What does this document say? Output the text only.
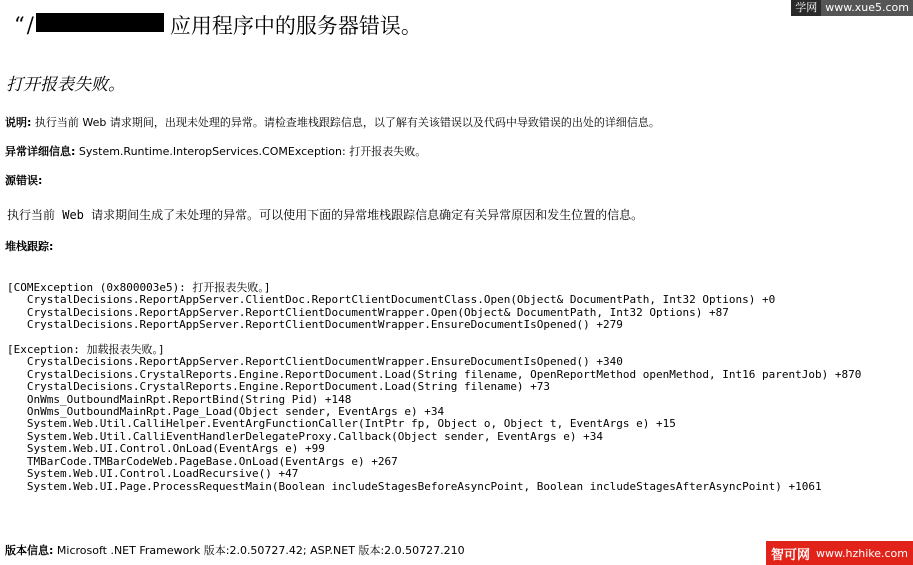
“ /	应用程序中的服务器错误。
打开报表失败。
说明: 执行当前 Web 请求期间，出现未处理的异常。请检查堆栈跟踪信息，以了解有关该错误以及代码中导致错误的出处的详细信息。
异常详细信息: System.Runtime.InteropServices.COMException: 打开报表失败。
源错误:
执行当前 Web 请求期间生成了未处理的异常。可以使用下面的异常堆栈跟踪信息确定有关异常原因和发生位置的信息。
堆栈跟踪:
[COMException (0x800003e5): 打开报表失败。]
CrystalDecisions.ReportAppServer.ClientDoc.ReportClientDocumentClass.Open(Object& DocumentPath, Int32 Options) +0
CrystalDecisions.ReportAppServer.ReportClientDocumentWrapper.Open(Object& DocumentPath, Int32 Options) +87
CrystalDecisions.ReportAppServer.ReportClientDocumentWrapper.EnsureDocumentIsOpened() +279

[Exception: 加载报表失败。]
CrystalDecisions.ReportAppServer.ReportClientDocumentWrapper.EnsureDocumentIsOpened() +340
CrystalDecisions.CrystalReports.Engine.ReportDocument.Load(String filename, OpenReportMethod openMethod, Int16 parentJob) +870
CrystalDecisions.CrystalReports.Engine.ReportDocument.Load(String filename) +73
OnWms_OutboundMainRpt.ReportBind(String Pid) +148
OnWms_OutboundMainRpt.Page_Load(Object sender, EventArgs e) +34
System.Web.Util.CalliHelper.EventArgFunctionCaller(IntPtr fp, Object o, Object t, EventArgs e) +15
System.Web.Util.CalliEventHandlerDelegateProxy.Callback(Object sender, EventArgs e) +34
System.Web.UI.Control.OnLoad(EventArgs e) +99
TMBarCode.TMBarCodeWeb.PageBase.OnLoad(EventArgs e) +267
System.Web.UI.Control.LoadRecursive() +47
System.Web.UI.Page.ProcessRequestMain(Boolean includeStagesBeforeAsyncPoint, Boolean includeStagesAfterAsyncPoint) +1061

版本信息: Microsoft .NET Framework 版本:2.0.50727.42; ASP.NET 版本:2.0.50727.210
学网 www.xue5.com
智可网 www.hzhike.com
